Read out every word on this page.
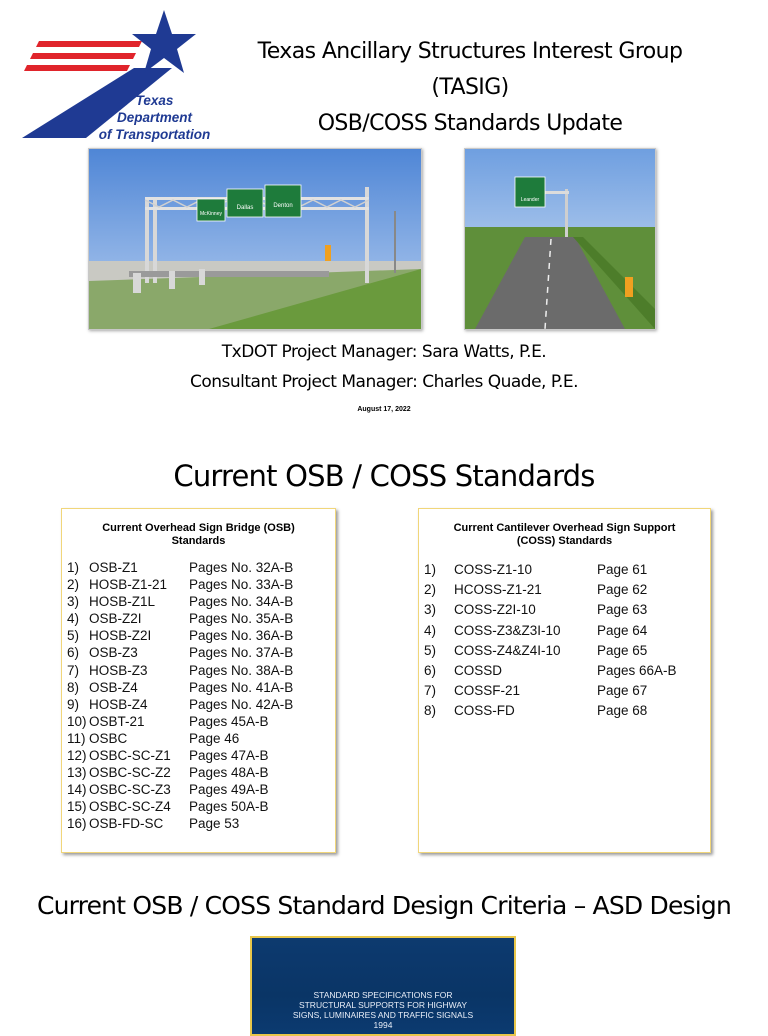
Texas
Department
of Transportation
Texas Ancillary Structures Interest Group
(TASIG)
OSB/COSS Standards Update
McKinney
Dallas	Denton
Leander
TxDOT Project Manager: Sara Watts, P.E.
Consultant Project Manager: Charles Quade, P.E.
August 17, 2022
Current OSB / COSS Standards
Current Overhead Sign Bridge (OSB)
Standards
1) OSB-Z1	Pages No. 32A-B
2) HOSB-Z1-21 Pages No. 33A-B
3) HOSB-Z1L	Pages No. 34A-B
4) OSB-Z2I	Pages No. 35A-B
5) HOSB-Z2I	Pages No. 36A-B
6) OSB-Z3	Pages No. 37A-B
7) HOSB-Z3	Pages No. 38A-B
8) OSB-Z4	Pages No. 41A-B
9) HOSB-Z4	Pages No. 42A-B
10) OSBT-21	Pages 45A-B
11) OSBC	Page 46
12) OSBC-SC-Z1 Pages 47A-B
13) OSBC-SC-Z2 Pages 48A-B
14) OSBC-SC-Z3 Pages 49A-B
15) OSBC-SC-Z4 Pages 50A-B
16) OSB-FD-SC Page 53
Current Cantilever Overhead Sign Support
(COSS) Standards
1) COSS-Z1-10	Page 61
2) HCOSS-Z1-21	Page 62
3) COSS-Z2I-10	Page 63
4) COSS-Z3&Z3I-10	Page 64
5) COSS-Z4&Z4I-10	Page 65
6) COSSD	Pages 66A-B
7) COSSF-21	Page 67
8) COSS-FD	Page 68
Current OSB / COSS Standard Design Criteria – ASD Design
STANDARD SPECIFICATIONS FOR
STRUCTURAL SUPPORTS FOR HIGHWAY
SIGNS, LUMINAIRES AND TRAFFIC SIGNALS
1994
